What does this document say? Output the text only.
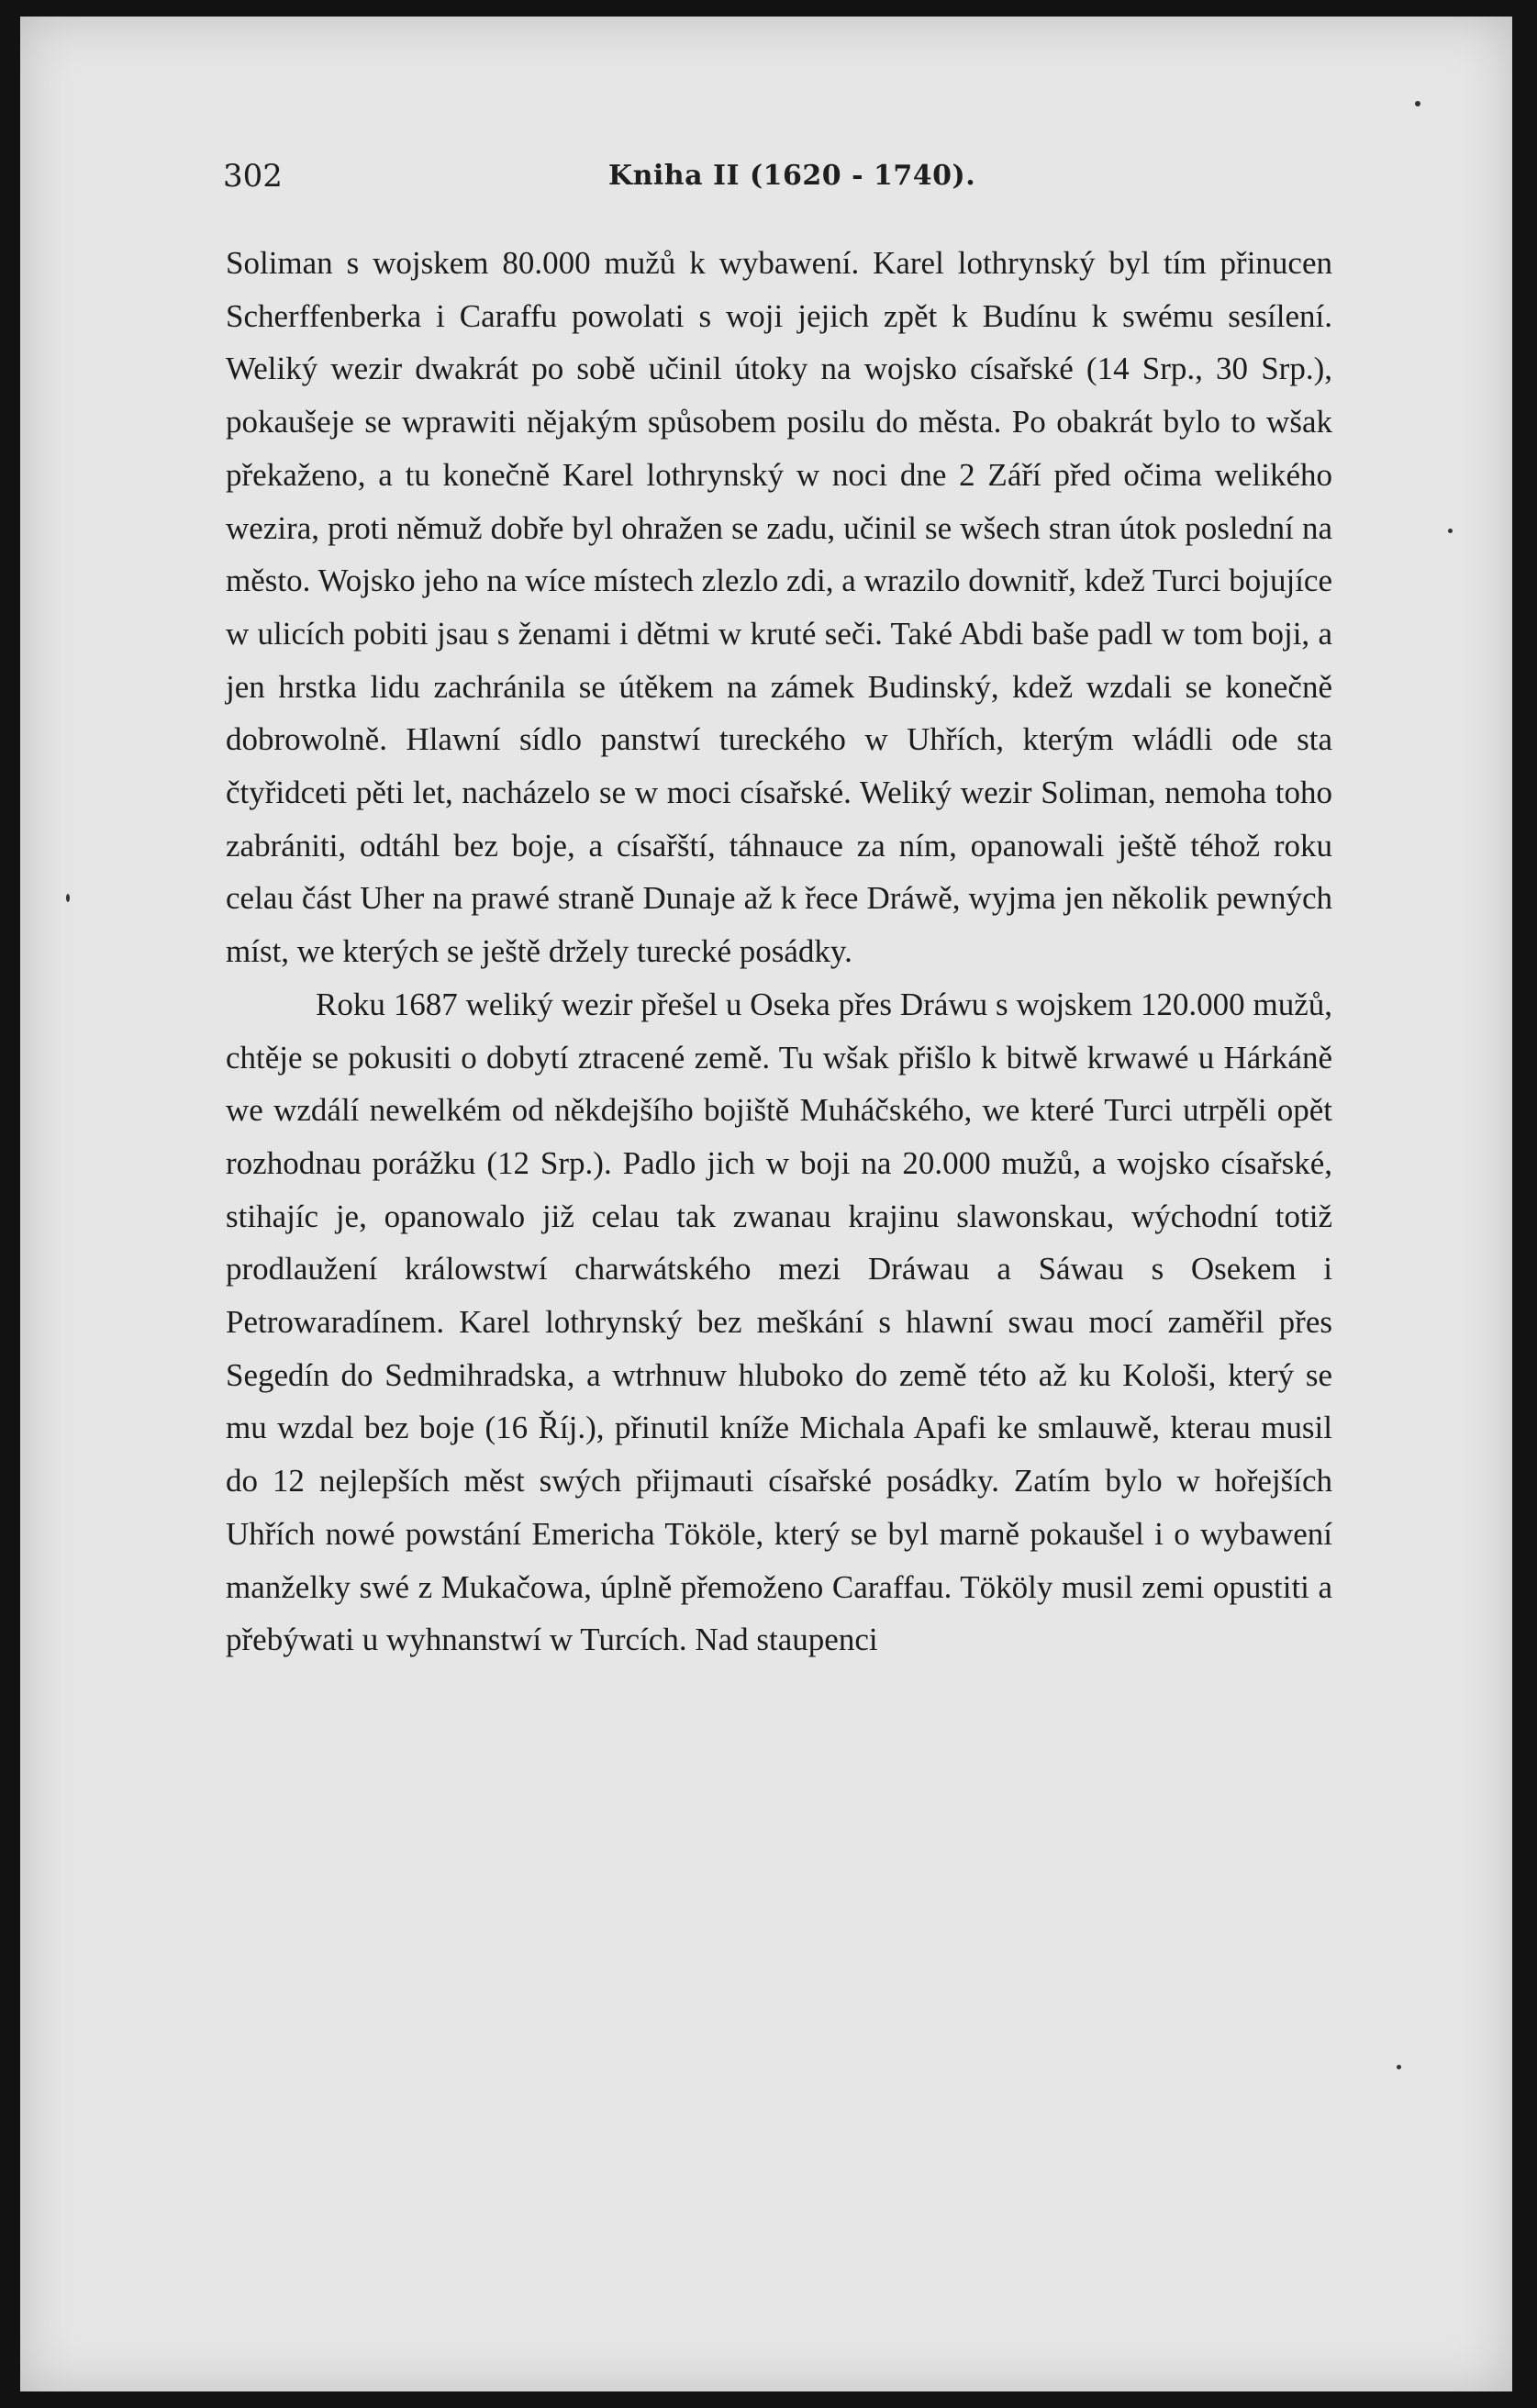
302	Kniha II (1620 - 1740).

Soliman s wojskem 80.000 mužů k wybawení. Karel lothrynský byl tím přinucen Scherffenberka i Caraffu powolati s woji jejich zpět k Budínu k swému sesílení. Weliký wezir dwakrát po sobě učinil útoky na wojsko císařské (14 Srp., 30 Srp.), pokaušeje se wprawiti nějakým spůsobem posilu do města. Po obakrát bylo to wšak překaženo, a tu konečně Karel lothrynský w noci dne 2 Září před očima welikého wezira, proti němuž dobře byl ohražen se zadu, učinil se wšech stran útok poslední na město. Wojsko jeho na wíce místech zlezlo zdi, a wrazilo downitř, kdež Turci bojujíce w ulicích pobiti jsau s ženami i dětmi w kruté seči. Také Abdi baše padl w tom boji, a jen hrstka lidu zachránila se útěkem na zámek Budinský, kdež wzdali se konečně dobrowolně. Hlawní sídlo panstwí tureckého w Uhřích, kterým wládli ode sta čtyřidceti pěti let, nacházelo se w moci císařské. Weliký wezir Soliman, nemoha toho zabrániti, odtáhl bez boje, a císařští, táhnauce za ním, opanowali ještě téhož roku celau část Uher na prawé straně Dunaje až k řece Dráwě, wyjma jen několik pewných míst, we kterých se ještě držely turecké posádky.

Roku 1687 weliký wezir přešel u Oseka přes Dráwu s wojskem 120.000 mužů, chtěje se pokusiti o dobytí ztracené země. Tu wšak přišlo k bitwě krwawé u Hárkáně we wzdálí newelkém od někdejšího bojiště Muháčského, we které Turci utrpěli opět rozhodnau porážku (12 Srp.). Padlo jich w boji na 20.000 mužů, a wojsko císařské, stihajíc je, opanowalo již celau tak zwanau krajinu slawonskau, wýchodní totiž prodlaužení králowstwí charwátského mezi Dráwau a Sáwau s Osekem i Petrowaradínem. Karel lothrynský bez meškání s hlawní swau mocí zaměřil přes Segedín do Sedmihradska, a wtrhnuw hluboko do země této až ku Kološi, který se mu wzdal bez boje (16 Říj.), přinutil kníže Michala Apafi ke smlauwě, kterau musil do 12 nejlepších měst swých přijmauti císařské posádky. Zatím bylo w hořejších Uhřích nowé powstání Emericha Tököle, který se byl marně pokaušel i o wybawení manželky swé z Mukačowa, úplně přemoženo Caraffau. Tököly musil zemi opustiti a přebýwati u wyhnanstwí w Turcích. Nad staupenci
